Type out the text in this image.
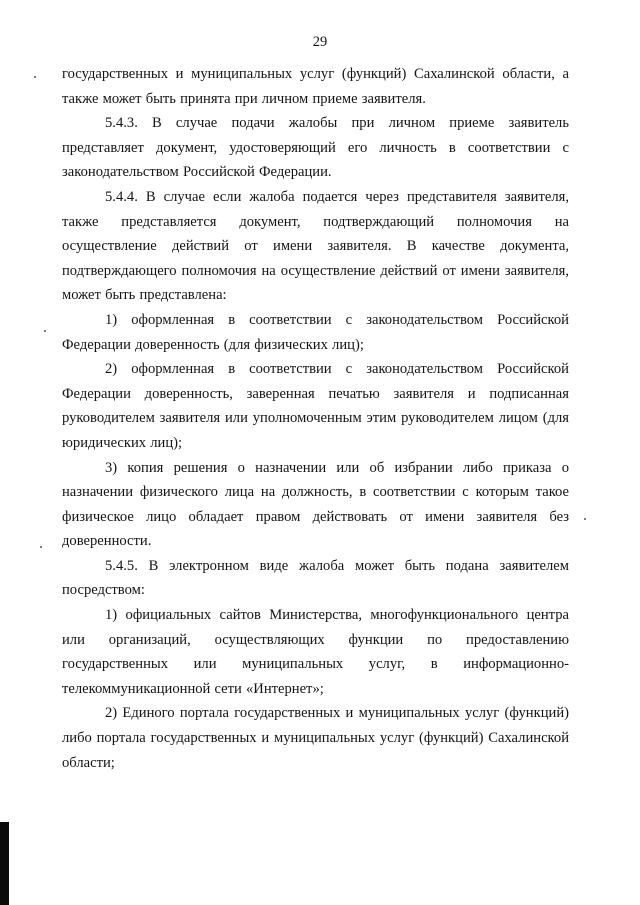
29

государственных и муниципальных услуг (функций) Сахалинской области, а также может быть принята при личном приеме заявителя.

5.4.3. В случае подачи жалобы при личном приеме заявитель представляет документ, удостоверяющий его личность в соответствии с законодательством Российской Федерации.

5.4.4. В случае если жалоба подается через представителя заявителя, также представляется документ, подтверждающий полномочия на осуществление действий от имени заявителя. В качестве документа, подтверждающего полномочия на осуществление действий от имени заявителя, может быть представлена:

1) оформленная в соответствии с законодательством Российской Федерации доверенность (для физических лиц);

2) оформленная в соответствии с законодательством Российской Федерации доверенность, заверенная печатью заявителя и подписанная руководителем заявителя или уполномоченным этим руководителем лицом (для юридических лиц);

3) копия решения о назначении или об избрании либо приказа о назначении физического лица на должность, в соответствии с которым такое физическое лицо обладает правом действовать от имени заявителя без доверенности.

5.4.5. В электронном виде жалоба может быть подана заявителем посредством:

1) официальных сайтов Министерства, многофункционального центра или организаций, осуществляющих функции по предоставлению государственных или муниципальных услуг, в информационно-телекоммуникационной сети «Интернет»;

2) Единого портала государственных и муниципальных услуг (функций) либо портала государственных и муниципальных услуг (функций) Сахалинской области;
